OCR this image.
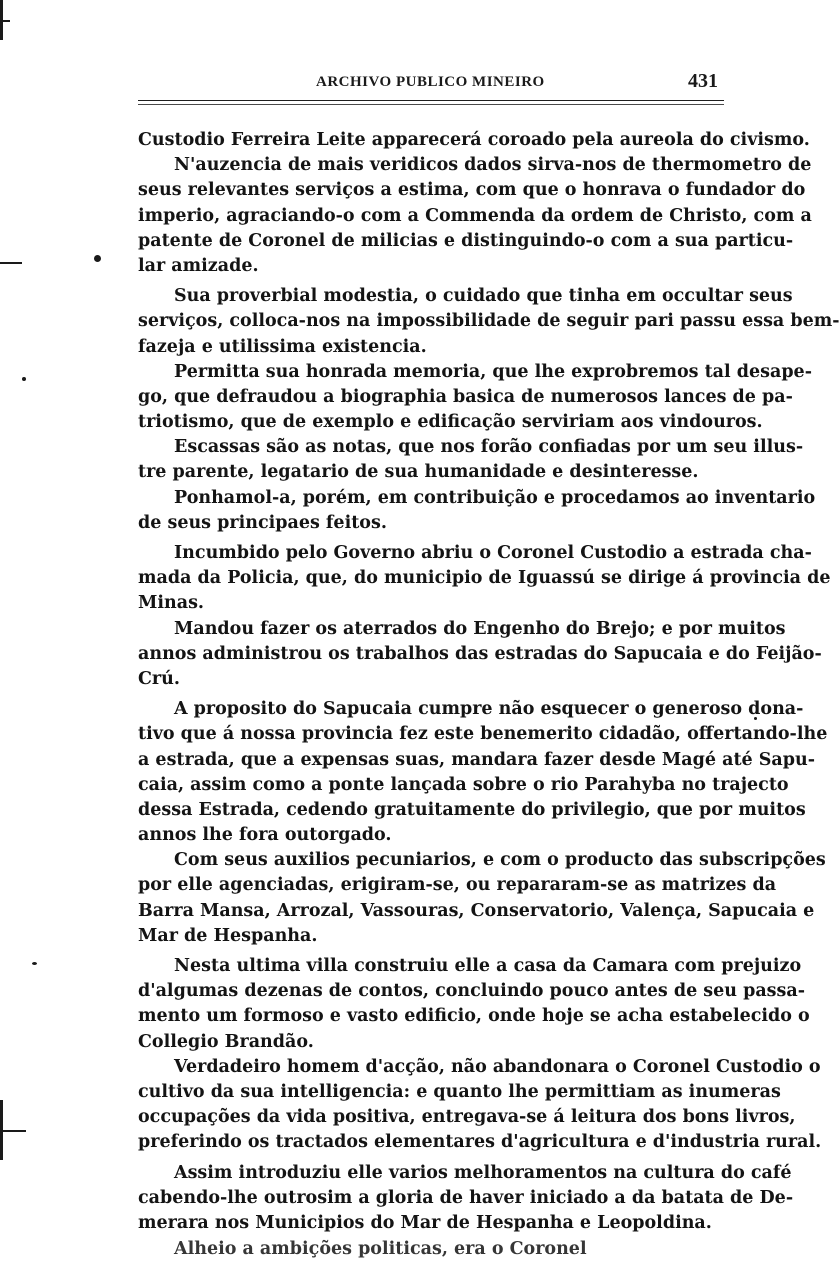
ARCHIVO PUBLICO MINEIRO	431
Custodio Ferreira Leite apparecerá coroado pela aureola do civismo.
N'auzencia de mais veridicos dados sirva-nos de thermometro de
seus relevantes serviços a estima, com que o honrava o fundador do
imperio, agraciando-o com a Commenda da ordem de Christo, com a
patente de Coronel de milicias e distinguindo-o com a sua particu-
lar amizade.
Sua proverbial modestia, o cuidado que tinha em occultar seus
serviços, colloca-nos na impossibilidade de seguir pari passu essa bem-
fazeja e utilissima existencia.
Permitta sua honrada memoria, que lhe exprobremos tal desape-
go, que defraudou a biographia basica de numerosos lances de pa-
triotismo, que de exemplo e edificação serviriam aos vindouros.
Escassas são as notas, que nos forão confiadas por um seu illus-
tre parente, legatario de sua humanidade e desinteresse.
Ponhamol-a, porém, em contribuição e procedamos ao inventario
de seus principaes feitos.
Incumbido pelo Governo abriu o Coronel Custodio a estrada cha-
mada da Policia, que, do municipio de Iguassú se dirige á provincia de
Minas.
Mandou fazer os aterrados do Engenho do Brejo; e por muitos
annos administrou os trabalhos das estradas do Sapucaia e do Feijão-
Crú.
A proposito do Sapucaia cumpre não esquecer o generoso dona-
tivo que á nossa provincia fez este benemerito cidadão, offertando-lhe
a estrada, que a expensas suas, mandara fazer desde Magé até Sapu-
caia, assim como a ponte lançada sobre o rio Parahyba no trajecto
dessa Estrada, cedendo gratuitamente do privilegio, que por muitos
annos lhe fora outorgado.
Com seus auxilios pecuniarios, e com o producto das subscripções
por elle agenciadas, erigiram-se, ou repararam-se as matrizes da
Barra Mansa, Arrozal, Vassouras, Conservatorio, Valença, Sapucaia e
Mar de Hespanha.
Nesta ultima villa construiu elle a casa da Camara com prejuizo
d'algumas dezenas de contos, concluindo pouco antes de seu passa-
mento um formoso e vasto edificio, onde hoje se acha estabelecido o
Collegio Brandão.
Verdadeiro homem d'acção, não abandonara o Coronel Custodio o
cultivo da sua intelligencia: e quanto lhe permittiam as inumeras
occupações da vida positiva, entregava-se á leitura dos bons livros,
preferindo os tractados elementares d'agricultura e d'industria rural.
Assim introduziu elle varios melhoramentos na cultura do café
cabendo-lhe outrosim a gloria de haver iniciado a da batata de De-
merara nos Municipios do Mar de Hespanha e Leopoldina.
Alheio a ambições politicas, era o Coronel
